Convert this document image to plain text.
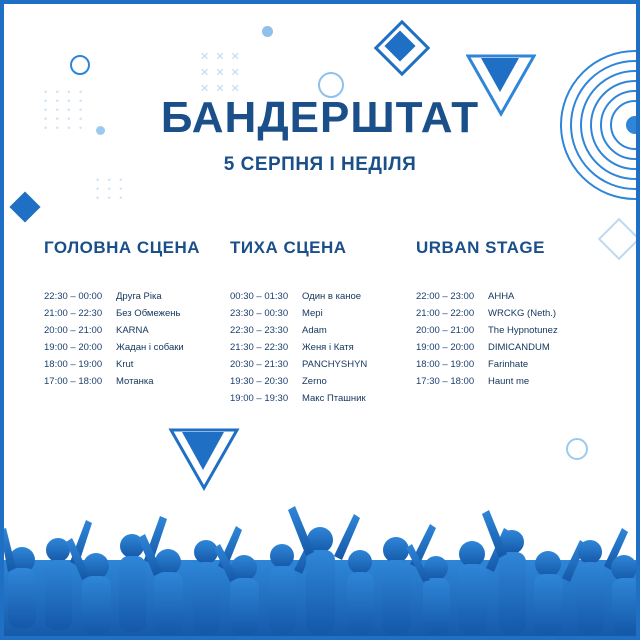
✕  ✕  ✕
✕  ✕  ✕
✕  ✕  ✕
• • • •
• • • •
• • • •
• • • •
• • • •
• • •
• • •
• • •
БАНДЕРШТАТ
5 СЕРПНЯ І НЕДІЛЯ
ГОЛОВНА СЦЕНА
22:30 – 00:00 Друга Ріка
21:00 – 22:30 Без Обмежень
20:00 – 21:00 KARNA
19:00 – 20:00 Жадан і собаки
18:00 – 19:00 Krut
17:00 – 18:00 Мотанка
ТИХА СЦЕНА
00:30 – 01:30 Один в каное
23:30 – 00:30 Мері
22:30 – 23:30 Adam
21:30 – 22:30 Женя і Катя
20:30 – 21:30 PANCHYSHYN
19:30 – 20:30 Zerno
19:00 – 19:30 Макс Пташник
URBAN STAGE
22:00 – 23:00 AHHA
21:00 – 22:00 WRCKG (Neth.)
20:00 – 21:00 The Hypnotunez
19:00 – 20:00 DIMICANDUM
18:00 – 19:00 Farinhate
17:30 – 18:00 Haunt me
